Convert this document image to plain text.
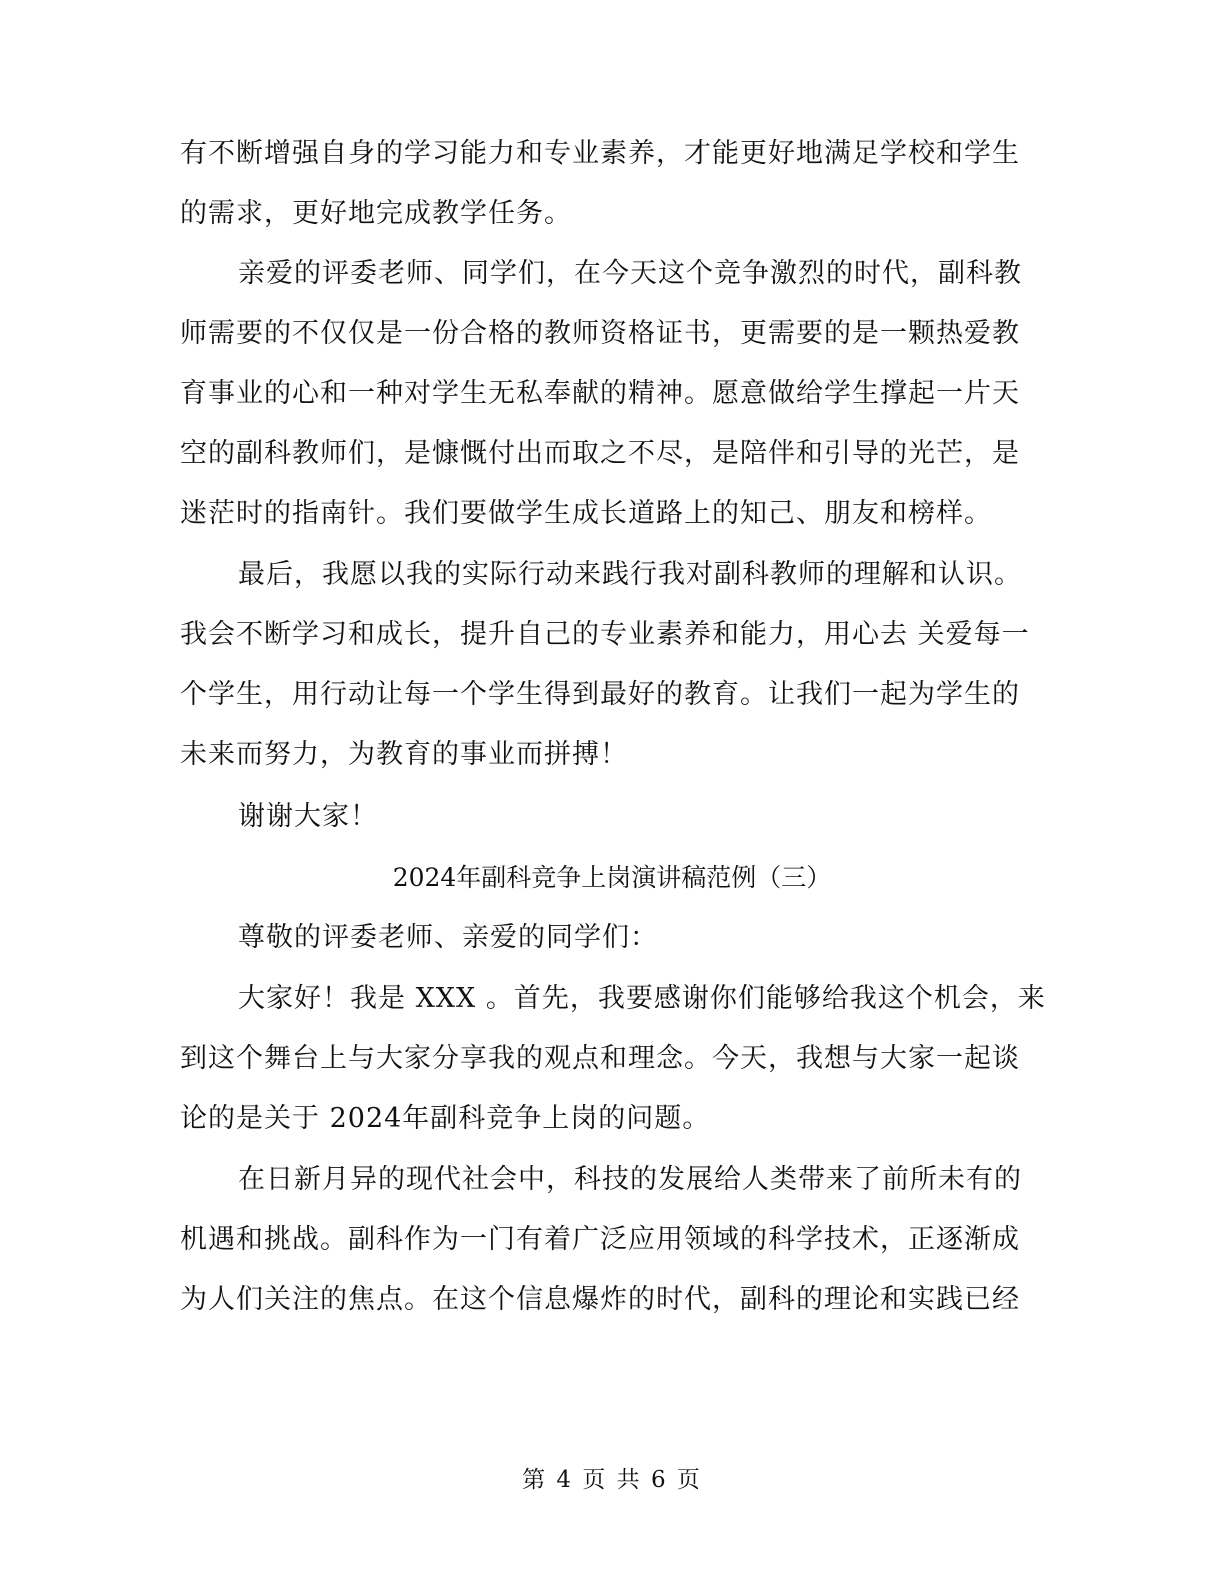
有不断增强自身的学习能力和专业素养，才能更好地满足学校和学生
的需求，更好地完成教学任务。
亲爱的评委老师、同学们，在今天这个竞争激烈的时代，副科教
师需要的不仅仅是一份合格的教师资格证书，更需要的是一颗热爱教
育事业的心和一种对学生无私奉献的精神。愿意做给学生撑起一片天
空的副科教师们，是慷慨付出而取之不尽，是陪伴和引导的光芒，是
迷茫时的指南针。我们要做学生成长道路上的知己、朋友和榜样。
最后，我愿以我的实际行动来践行我对副科教师的理解和认识。
我会不断学习和成长，提升自己的专业素养和能力，用心去 关爱每一
个学生，用行动让每一个学生得到最好的教育。让我们一起为学生的
未来而努力，为教育的事业而拼搏！
谢谢大家！
2024年副科竞争上岗演讲稿范例（三）
尊敬的评委老师、亲爱的同学们：
大家好！我是 XXX 。首先，我要感谢你们能够给我这个机会，来
到这个舞台上与大家分享我的观点和理念。今天，我想与大家一起谈
论的是关于 2024年副科竞争上岗的问题。
在日新月异的现代社会中，科技的发展给人类带来了前所未有的
机遇和挑战。副科作为一门有着广泛应用领域的科学技术，正逐渐成
为人们关注的焦点。在这个信息爆炸的时代，副科的理论和实践已经
第 4 页 共 6 页
